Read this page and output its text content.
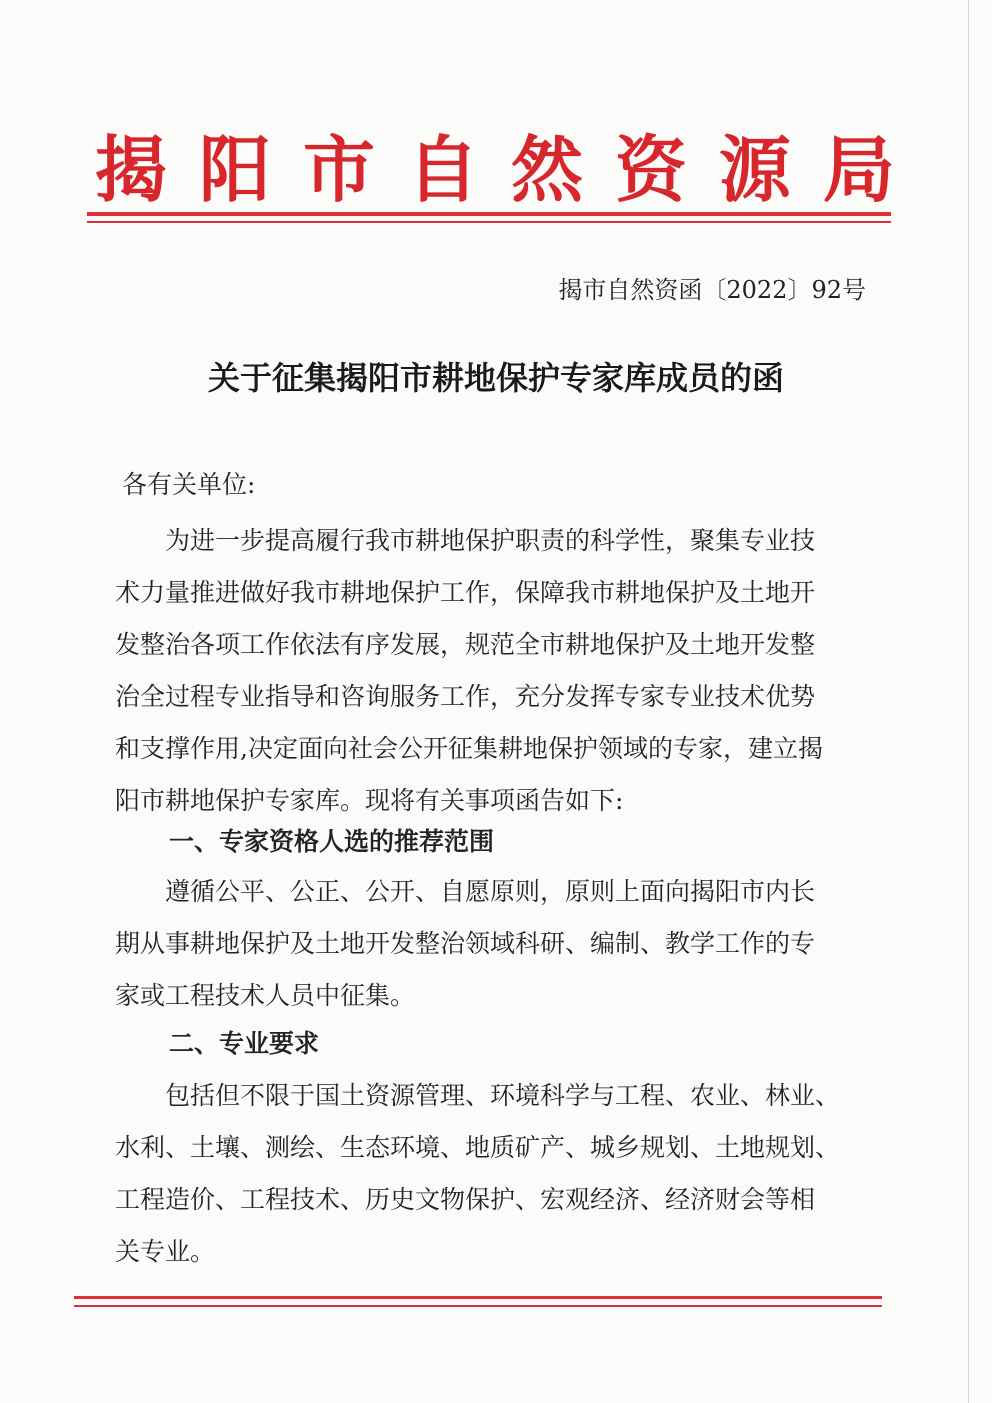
揭 阳 市 自 然 资 源 局
揭市自然资函〔2022〕92号
关于征集揭阳市耕地保护专家库成员的函
各有关单位:
为进一步提高履行我市耕地保护职责的科学性，聚集专业技
术力量推进做好我市耕地保护工作，保障我市耕地保护及土地开
发整治各项工作依法有序发展，规范全市耕地保护及土地开发整
治全过程专业指导和咨询服务工作，充分发挥专家专业技术优势
和支撑作用,决定面向社会公开征集耕地保护领域的专家，建立揭
阳市耕地保护专家库。现将有关事项函告如下:
一、专家资格人选的推荐范围
遵循公平、公正、公开、自愿原则，原则上面向揭阳市内长
期从事耕地保护及土地开发整治领域科研、编制、教学工作的专
家或工程技术人员中征集。
二、专业要求
包括但不限于国土资源管理、环境科学与工程、农业、林业、
水利、土壤、测绘、生态环境、地质矿产、城乡规划、土地规划、
工程造价、工程技术、历史文物保护、宏观经济、经济财会等相
关专业。
